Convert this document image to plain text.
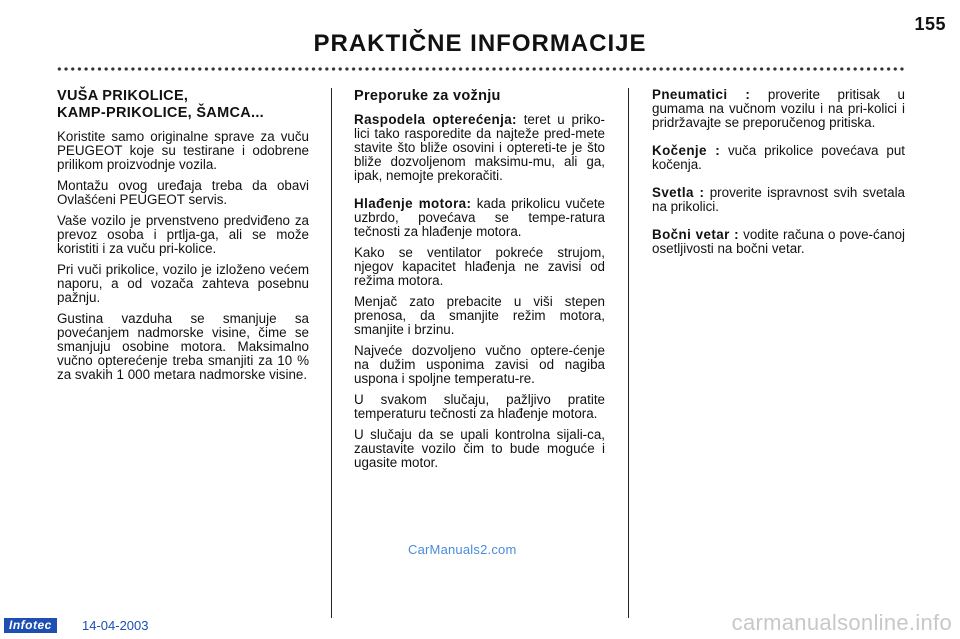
155
PRAKTIČNE INFORMACIJE
VUŠA PRIKOLICE,
KAMP-PRIKOLICE, ŠAMCA...

Koristite samo originalne sprave za vuču PEUGEOT koje su testirane i odobrene prilikom proizvodnje vozila.

Montažu ovog uređaja treba da obavi Ovlašćeni PEUGEOT servis.

Vaše vozilo je prvenstveno predviđeno za prevoz osoba i prtlja-ga, ali se može koristiti i za vuču pri-kolice.

Pri vuči prikolice, vozilo je izloženo većem naporu, a od vozača zahteva posebnu pažnju.

Gustina vazduha se smanjuje sa povećanjem nadmorske visine, čime se smanjuju osobine motora. Maksimalno vučno opterećenje treba smanjiti za 10 % za svakih 1 000 metara nadmorske visine.

Preporuke za vožnju

Raspodela opterećenja: teret u priko-lici tako rasporedite da najteže pred-mete stavite što bliže osovini i optereti-te je što bliže dozvoljenom maksimu-mu, ali ga, ipak, nemojte prekoračiti.

Hlađenje motora: kada prikolicu vučete uzbrdo, povećava se tempe-ratura tečnosti za hlađenje motora.

Kako se ventilator pokreće strujom, njegov kapacitet hlađenja ne zavisi od režima motora.

Menjač zato prebacite u viši stepen prenosa, da smanjite režim motora, smanjite i brzinu.

Najveće dozvoljeno vučno optere-ćenje na dužim usponima zavisi od nagiba uspona i spoljne temperatu-re.

U svakom slučaju, pažljivo pratite temperaturu tečnosti za hlađenje motora.

U slučaju da se upali kontrolna sijali-ca, zaustavite vozilo čim to bude moguće i ugasite motor.

Pneumatici : proverite pritisak u gumama na vučnom vozilu i na pri-kolici i pridržavajte se preporučenog pritiska.

Kočenje : vuča prikolice povećava put kočenja.

Svetla : proverite ispravnost svih svetala na prikolici.

Bočni vetar : vodite računa o pove-ćanoj osetljivosti na bočni vetar.

CarManuals2.com
Infotec	14-04-2003	carmanualsonline.info
